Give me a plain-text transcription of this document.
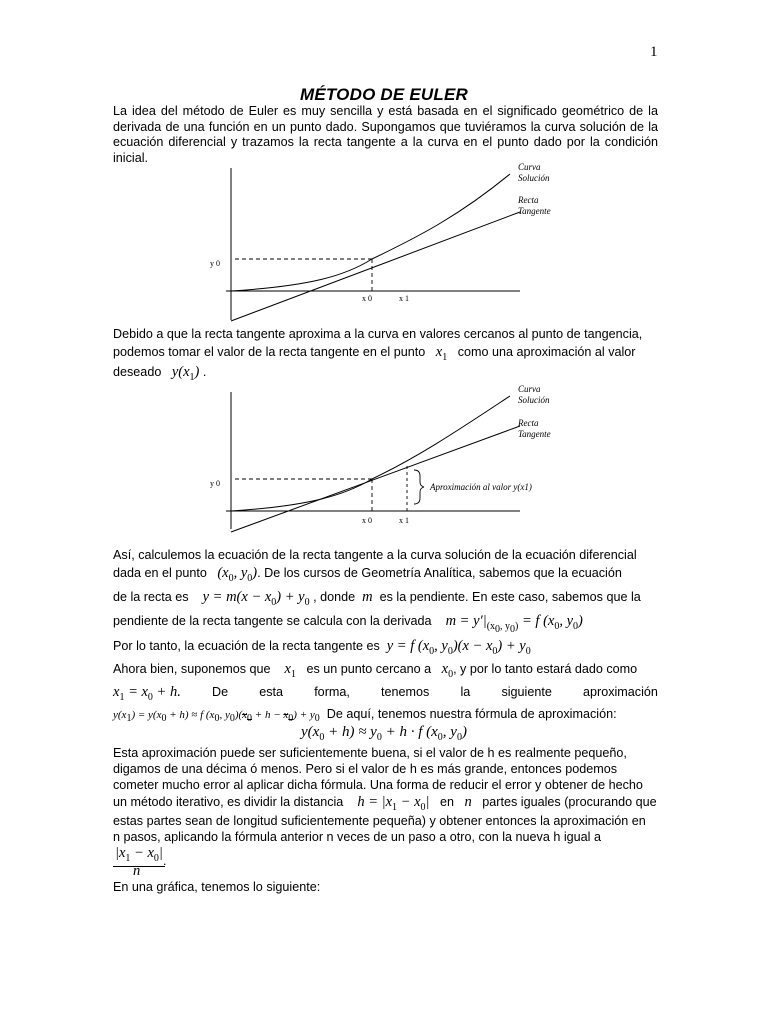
1
MÉTODO DE EULER
La idea del método de Euler es muy sencilla y está basada en el significado geométrico de la derivada de una función en un punto dado. Supongamos que tuviéramos la curva solución de la ecuación diferencial y trazamos la recta tangente a la curva en el punto dado por la condición inicial.
y 0
x 0	x 1
Curva
Solución
Recta
Tangente
Debido a que la recta tangente aproxima a la curva en valores cercanos al punto de tangencia,
podemos tomar el valor de la recta tangente en el punto $x_1$ como una aproximación al valor
deseado $y(x_1)$ .
y 0
x 0	x 1
Aproximación al valor y(x1)
Curva
Solución
Recta
Tangente
Así, calculemos la ecuación de la recta tangente a la curva solución de la ecuación diferencial
dada en el punto ($x_0$, $y_0$). De los cursos de Geometría Analítica, sabemos que la ecuación
de la recta es $y = m(x - x_0) + y_0$ , donde m es la pendiente. En este caso, sabemos que la
pendiente de la recta tangente se calcula con la derivada $m = y'|_{(x_0, y_0)} = f$ ($x_0$, $y_0$)
Por lo tanto, la ecuación de la recta tangente es y = f ($x_0$, $y_0)(x - x_0) + y_0$
Ahora bien, suponemos que $x_1$ es un punto cercano a $x_0$, y por lo tanto estará dado como
$x_1 = x_0 + h$. De esta forma, tenemos la siguiente aproximación
$y(x_1) = y(x_0 + h) \approx f$ ($x_0$, $y_0)(x_0 + h - x_0) + y_0$ De aquí, tenemos nuestra fórmula de aproximación:
$y(x_0 + h) \approx y_0 + h \cdot f$ ($x_0$, $y_0$)
Esta aproximación puede ser suficientemente buena, si el valor de h es realmente pequeño,
digamos de una décima ó menos. Pero si el valor de h es más grande, entonces podemos
cometer mucho error al aplicar dicha fórmula. Una forma de reducir el error y obtener de hecho
un método iterativo, es dividir la distancia $h = |x_1 - x_0|$ en n partes iguales (procurando que
estas partes sean de longitud suficientemente pequeña) y obtener entonces la aproximación en
n pasos, aplicando la fórmula anterior n veces de un paso a otro, con la nueva h igual a
$|x_1 - x_0|$
n
.
En una gráfica, tenemos lo siguiente:
